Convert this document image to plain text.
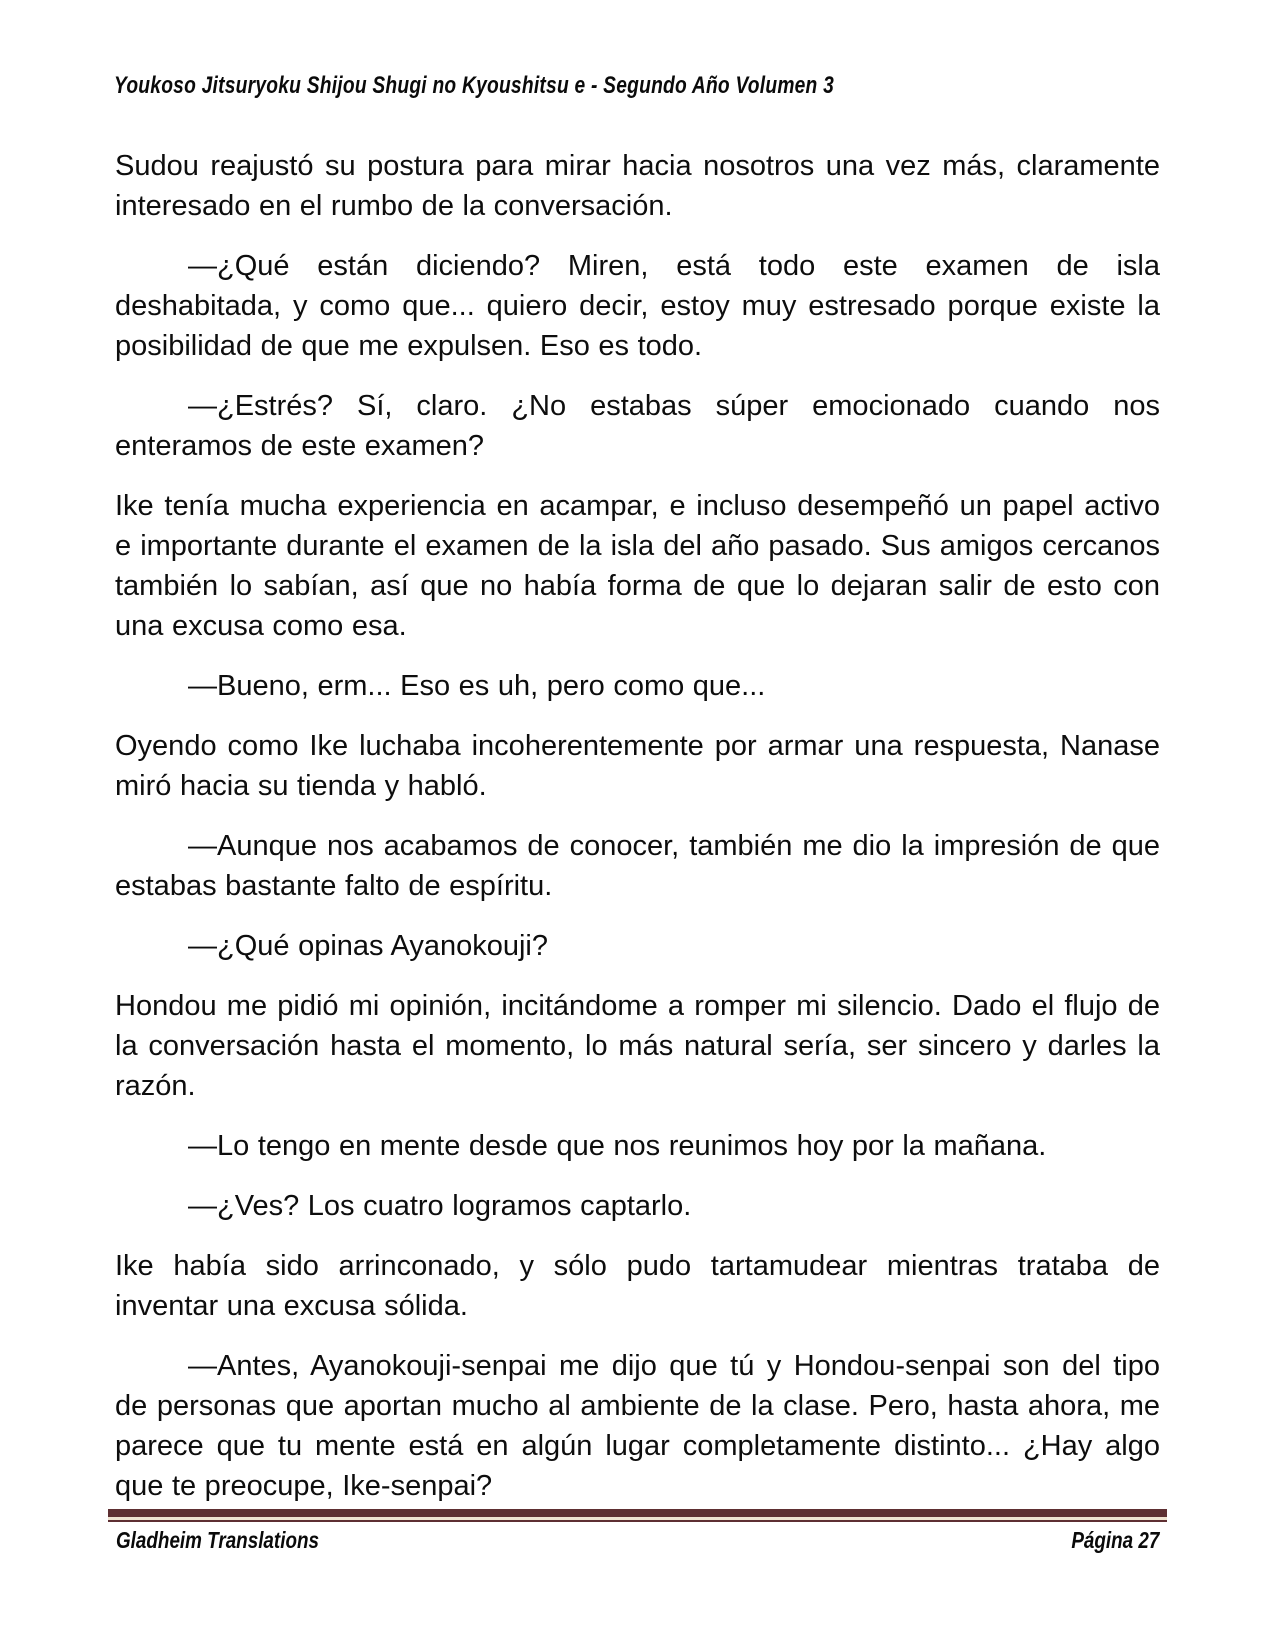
Youkoso Jitsuryoku Shijou Shugi no Kyoushitsu e - Segundo Año Volumen 3

Sudou reajustó su postura para mirar hacia nosotros una vez más, claramente interesado en el rumbo de la conversación.

—¿Qué están diciendo? Miren, está todo este examen de isla deshabitada, y como que... quiero decir, estoy muy estresado porque existe la posibilidad de que me expulsen. Eso es todo.

—¿Estrés? Sí, claro. ¿No estabas súper emocionado cuando nos enteramos de este examen?

Ike tenía mucha experiencia en acampar, e incluso desempeñó un papel activo e importante durante el examen de la isla del año pasado. Sus amigos cercanos también lo sabían, así que no había forma de que lo dejaran salir de esto con una excusa como esa.

—Bueno, erm... Eso es uh, pero como que...

Oyendo como Ike luchaba incoherentemente por armar una respuesta, Nanase miró hacia su tienda y habló.

—Aunque nos acabamos de conocer, también me dio la impresión de que estabas bastante falto de espíritu.

—¿Qué opinas Ayanokouji?

Hondou me pidió mi opinión, incitándome a romper mi silencio. Dado el flujo de la conversación hasta el momento, lo más natural sería, ser sincero y darles la razón.

—Lo tengo en mente desde que nos reunimos hoy por la mañana.

—¿Ves? Los cuatro logramos captarlo.

Ike había sido arrinconado, y sólo pudo tartamudear mientras trataba de inventar una excusa sólida.

—Antes, Ayanokouji-senpai me dijo que tú y Hondou-senpai son del tipo de personas que aportan mucho al ambiente de la clase. Pero, hasta ahora, me parece que tu mente está en algún lugar completamente distinto... ¿Hay algo que te preocupe, Ike-senpai?

Gladheim Translations	Página 27
